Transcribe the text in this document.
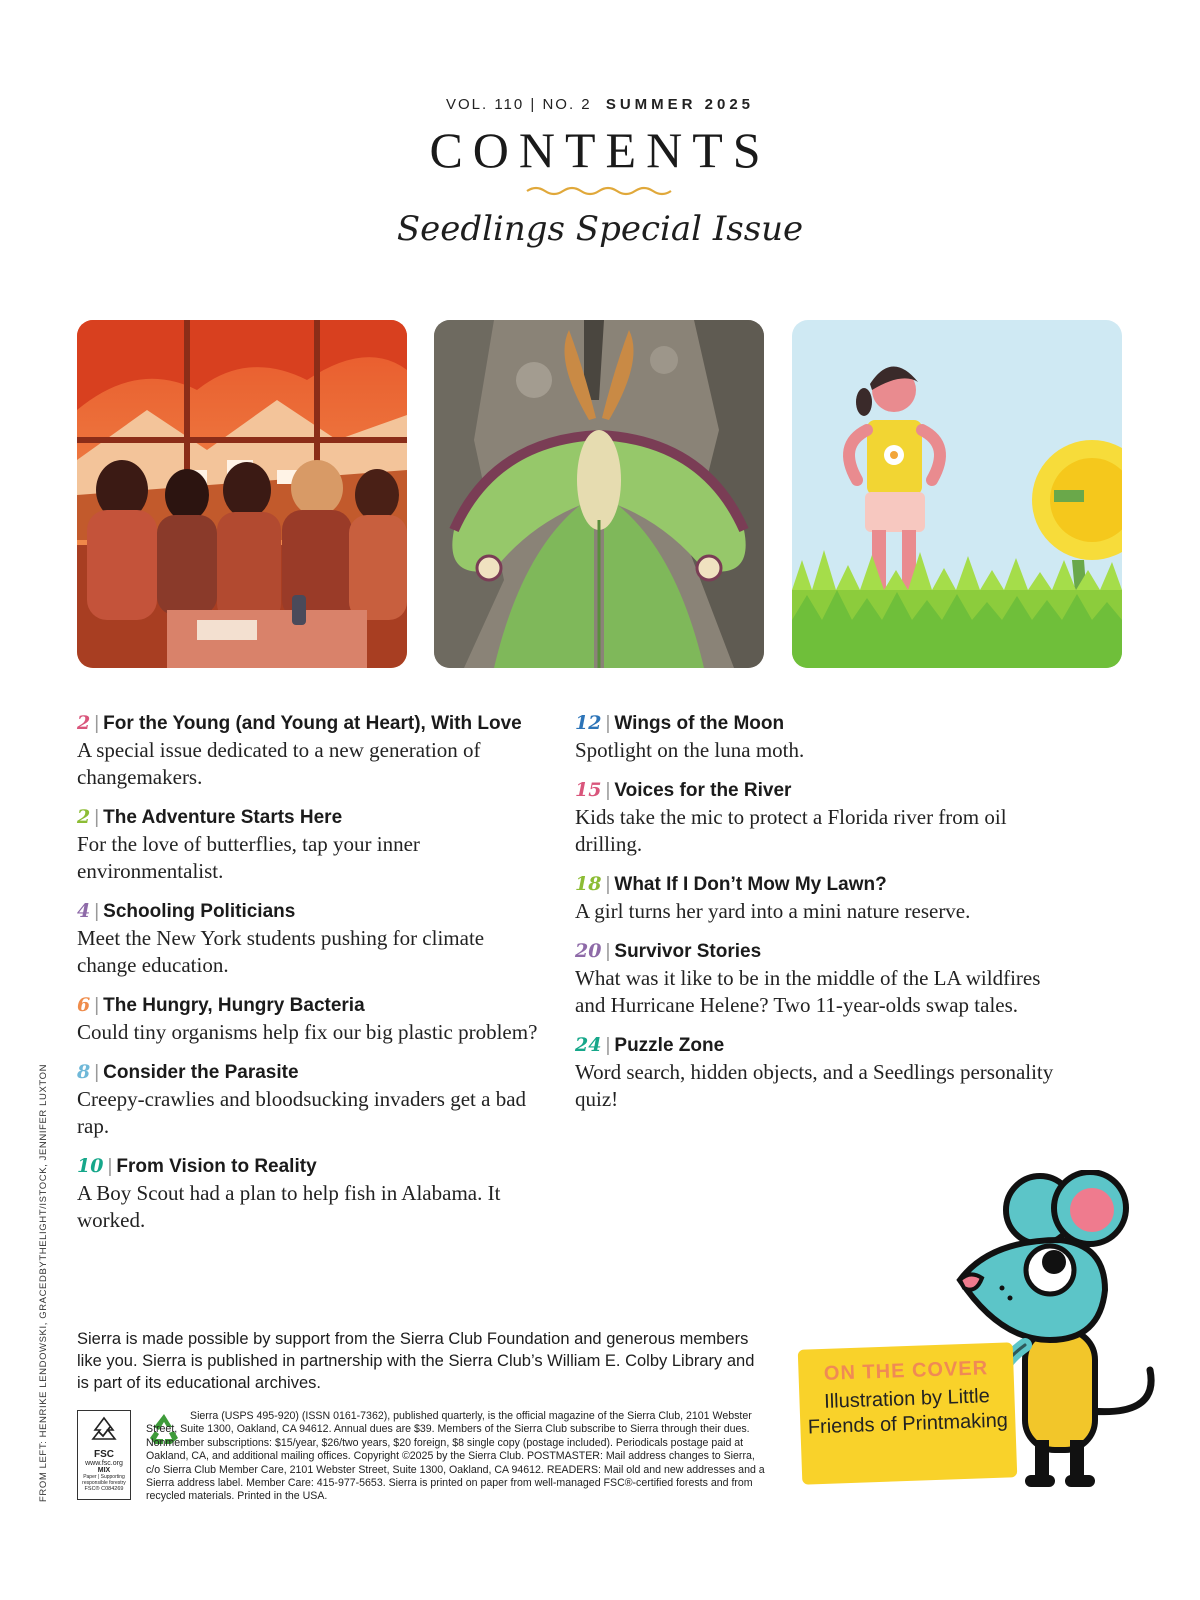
VOL. 110 | NO. 2 SUMMER 2025
CONTENTS
Seedlings Special Issue
2 | For the Young (and Young at Heart), With Love
A special issue dedicated to a new generation of changemakers.
2 | The Adventure Starts Here
For the love of butterflies, tap your inner environmentalist.
4 | Schooling Politicians
Meet the New York students pushing for climate change education.
6 | The Hungry, Hungry Bacteria
Could tiny organisms help fix our big plastic problem?
8 | Consider the Parasite
Creepy-crawlies and bloodsucking invaders get a bad rap.
10 | From Vision to Reality
A Boy Scout had a plan to help fish in Alabama. It worked.
12 | Wings of the Moon
Spotlight on the luna moth.
15 | Voices for the River
Kids take the mic to protect a Florida river from oil drilling.
18 | What If I Don’t Mow My Lawn?
A girl turns her yard into a mini nature reserve.
20 | Survivor Stories
What was it like to be in the middle of the LA wildfires and Hurricane Helene? Two 11-year-olds swap tales.
24 | Puzzle Zone
Word search, hidden objects, and a Seedlings personality quiz!
FROM LEFT: HENRIKE LENDOWSKI, GRACEDBYTHELIGHT/ISTOCK, JENNIFER LUXTON Sierra is made possible by support from the Sierra Club Foundation and generous members like you. Sierra is published in partnership with the Sierra Club’s William E. Colby Library and is part of its educational archives.
FSC
www.fsc.org
MIX
Paper | Supporting responsible forestry
FSC® C084269
Sierra (USPS 495-920) (ISSN 0161-7362), published quarterly, is the official magazine of the Sierra Club, 2101 Webster Street, Suite 1300, Oakland, CA 94612. Annual dues are $39. Members of the Sierra Club subscribe to Sierra through their dues. Nonmember subscriptions: $15/year, $26/two years, $20 foreign, $8 single copy (postage included). Periodicals postage paid at Oakland, CA, and additional mailing offices. Copyright ©2025 by the Sierra Club. POSTMASTER: Mail address changes to Sierra, c/o Sierra Club Member Care, 2101 Webster Street, Suite 1300, Oakland, CA 94612. READERS: Mail old and new addresses and a Sierra address label. Member Care: 415-977-5653. Sierra is printed on paper from well-managed FSC®-certified forests and from recycled materials. Printed in the USA.
ON THE COVER
Illustration by Little Friends of Printmaking
